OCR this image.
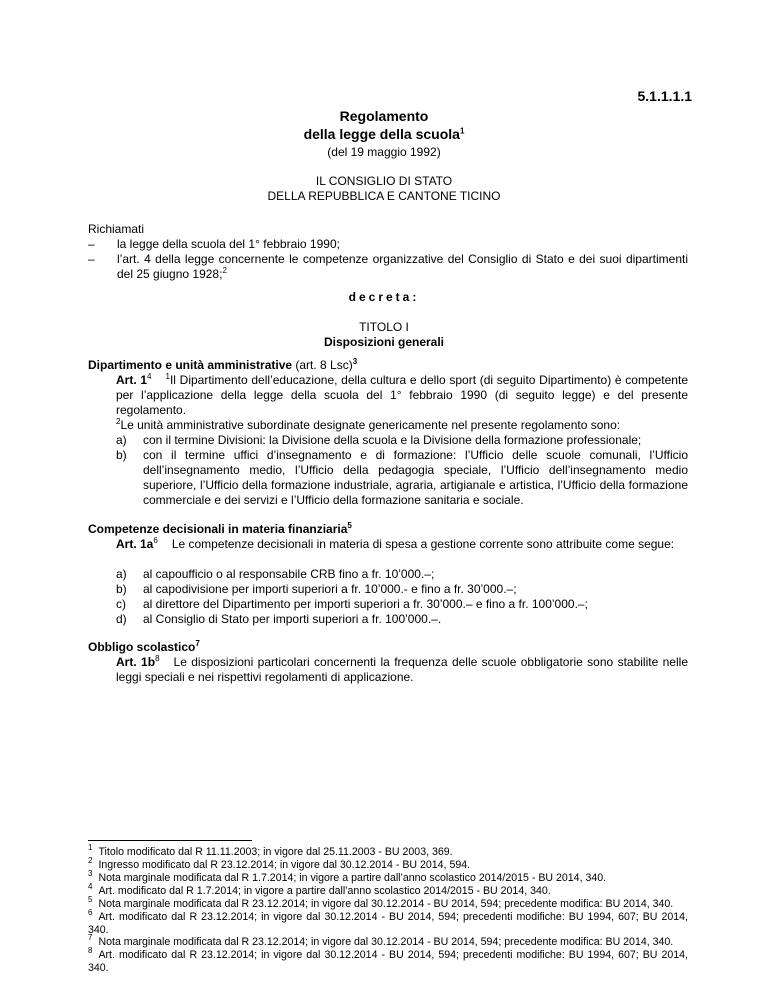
5.1.1.1.1
Regolamento
della legge della scuola$^1$
(del 19 maggio 1992)
IL CONSIGLIO DI STATO
DELLA REPUBBLICA E CANTONE TICINO
Richiamati
–	la legge della scuola del 1° febbraio 1990;
–	l’art. 4 della legge concernente le competenze organizzative del Consiglio di Stato e dei suoi dipartimenti del 25 giugno 1928;$^2$
decreta:
TITOLO I
Disposizioni generali
Dipartimento e unità amministrative (art. 8 Lsc)$^3$
Art. $1^4$ $^1$Il Dipartimento dell’educazione, della cultura e dello sport (di seguito Dipartimento) è competente per l’applicazione della legge della scuola del 1° febbraio 1990 (di seguito legge) e del presente regolamento.
$^2$Le unità amministrative subordinate designate genericamente nel presente regolamento sono:
a)	con il termine Divisioni: la Divisione della scuola e la Divisione della formazione professionale;
b)	con il termine uffici d’insegnamento e di formazione: l’Ufficio delle scuole comunali, l’Ufficio dell’insegnamento medio, l’Ufficio della pedagogia speciale, l’Ufficio dell’insegnamento medio superiore, l’Ufficio della formazione industriale, agraria, artigianale e artistica, l’Ufficio della formazione commerciale e dei servizi e l’Ufficio della formazione sanitaria e sociale.
Competenze decisionali in materia finanziaria$^5$
Art. $1a^6$ Le competenze decisionali in materia di spesa a gestione corrente sono attribuite come segue:
a)	al capoufficio o al responsabile CRB fino a fr. 10’000.–;
b)	al capodivisione per importi superiori a fr. 10’000.- e fino a fr. 30’000.–;
c)	al direttore del Dipartimento per importi superiori a fr. 30’000.– e fino a fr. 100’000.–;
d)	al Consiglio di Stato per importi superiori a fr. 100’000.–.
Obbligo scolastico$^7$
Art. $1b^8$ Le disposizioni particolari concernenti la frequenza delle scuole obbligatorie sono stabilite nelle leggi speciali e nei rispettivi regolamenti di applicazione.
$^1$ Titolo modificato dal R 11.11.2003; in vigore dal 25.11.2003 - BU 2003, 369.
$^2$ Ingresso modificato dal R 23.12.2014; in vigore dal 30.12.2014 - BU 2014, 594.
$^3$ Nota marginale modificata dal R 1.7.2014; in vigore a partire dall’anno scolastico 2014/2015 - BU 2014, 340.
$^4$ Art. modificato dal R 1.7.2014; in vigore a partire dall’anno scolastico 2014/2015 - BU 2014, 340.
$^5$ Nota marginale modificata dal R 23.12.2014; in vigore dal 30.12.2014 - BU 2014, 594; precedente modifica: BU 2014, 340.
$^6$ Art. modificato dal R 23.12.2014; in vigore dal 30.12.2014 - BU 2014, 594; precedenti modifiche: BU 1994, 607; BU 2014, 340.
$^7$ Nota marginale modificata dal R 23.12.2014; in vigore dal 30.12.2014 - BU 2014, 594; precedente modifica: BU 2014, 340.
$^8$ Art. modificato dal R 23.12.2014; in vigore dal 30.12.2014 - BU 2014, 594; precedenti modifiche: BU 1994, 607; BU 2014, 340.
